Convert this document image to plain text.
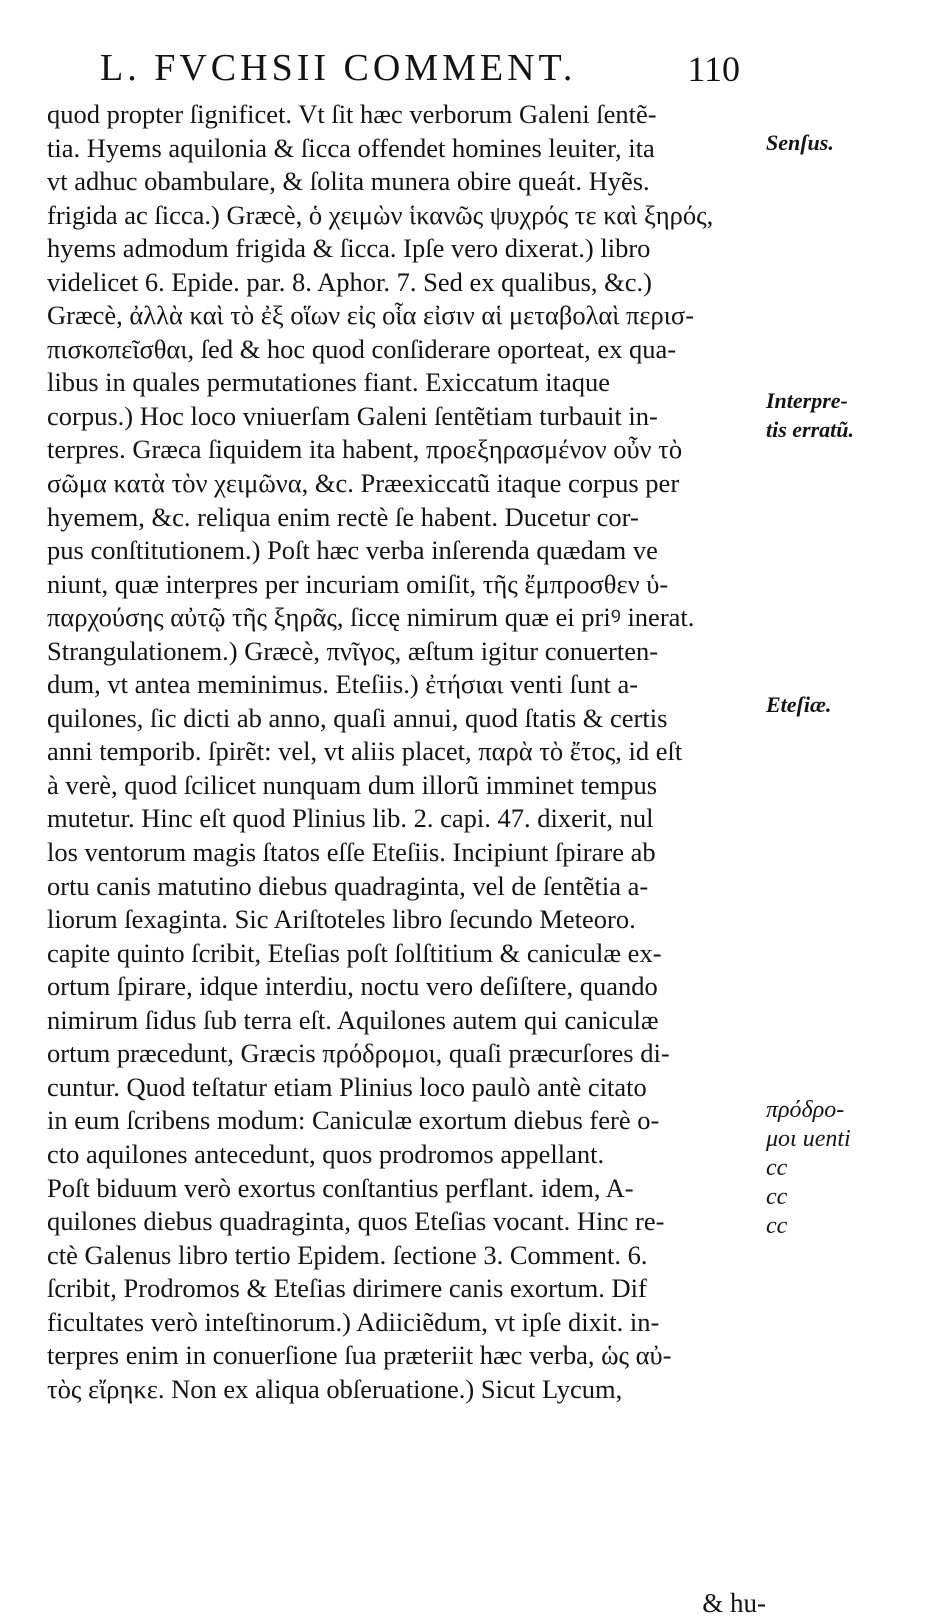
L. FVCHSII COMMENT.	110
quod propter ſignificet. Vt ſit hæc verborum Galeni ſentẽ-
tia. Hyems aquilonia & ſicca offendet homines leuiter, ita
vt adhuc obambulare, & ſolita munera obire queát. Hyẽs.
frigida ac ſicca.) Græcè, ὁ χειμὼν ἱκανῶς ψυχρός τε καὶ ξηρός,
hyems admodum frigida & ſicca. Ipſe vero dixerat.) libro
videlicet 6. Epide. par. 8. Aphor. 7. Sed ex qualibus, &c.)
Græcè, ἀλλὰ καὶ τὸ ἐξ οἵων εἰς οἷα εἰσιν αἱ μεταβολαὶ περισ-
πισκοπεῖσθαι, ſed & hoc quod conſiderare oporteat, ex qua-
libus in quales permutationes fiant. Exiccatum itaque
corpus.) Hoc loco vniuerſam Galeni ſentẽtiam turbauit in-
terpres. Græca ſiquidem ita habent, προεξηρασμένον οὖν τὸ
σῶμα κατὰ τὸν χειμῶνα, &c. Præexiccatũ itaque corpus per
hyemem, &c. reliqua enim rectè ſe habent. Ducetur cor-
pus conſtitutionem.) Poſt hæc verba inſerenda quædam ve
niunt, quæ interpres per incuriam omiſit, τῆς ἔμπροσθεν ὑ-
παρχούσης αὐτῷ τῆς ξηρᾶς, ſiccę nimirum quæ ei priꝰ inerat.
Strangulationem.) Græcè, πνῖγος, æſtum igitur conuerten-
dum, vt antea meminimus. Eteſiis.) ἐτήσιαι venti ſunt a-
quilones, ſic dicti ab anno, quaſi annui, quod ſtatis & certis
anni temporib. ſpirẽt: vel, vt aliis placet, παρὰ τὸ ἔτος, id eſt
à verè, quod ſcilicet nunquam dum illorũ imminet tempus
mutetur. Hinc eſt quod Plinius lib. 2. capi. 47. dixerit, nul
los ventorum magis ſtatos eſſe Eteſiis. Incipiunt ſpirare ab
ortu canis matutino diebus quadraginta, vel de ſentẽtia a-
liorum ſexaginta. Sic Ariſtoteles libro ſecundo Meteoro.
capite quinto ſcribit, Eteſias poſt ſolſtitium & caniculæ ex-
ortum ſpirare, idque interdiu, noctu vero deſiſtere, quando
nimirum ſidus ſub terra eſt. Aquilones autem qui caniculæ
ortum præcedunt, Græcis πρόδρομοι, quaſi præcurſores di-
cuntur. Quod teſtatur etiam Plinius loco paulò antè citato
in eum ſcribens modum: Caniculæ exortum diebus ferè o-
cto aquilones antecedunt, quos prodromos appellant.
Poſt biduum verò exortus conſtantius perflant. idem, A-
quilones diebus quadraginta, quos Eteſias vocant. Hinc re-
ctè Galenus libro tertio Epidem. ſectione 3. Comment. 6.
ſcribit, Prodromos & Eteſias dirimere canis exortum. Dif
ficultates verò inteſtinorum.) Adiiciẽdum, vt ipſe dixit. in-
terpres enim in conuerſione ſua præteriit hæc verba, ὡς αὐ-
τὸς εἴρηκε. Non ex aliqua obſeruatione.) Sicut Lycum,
& hu-
Senſus.
Interpre-
tis erratũ.
Eteſiæ.
πρόδρο-
μοι uenti
cc
cc
cc
